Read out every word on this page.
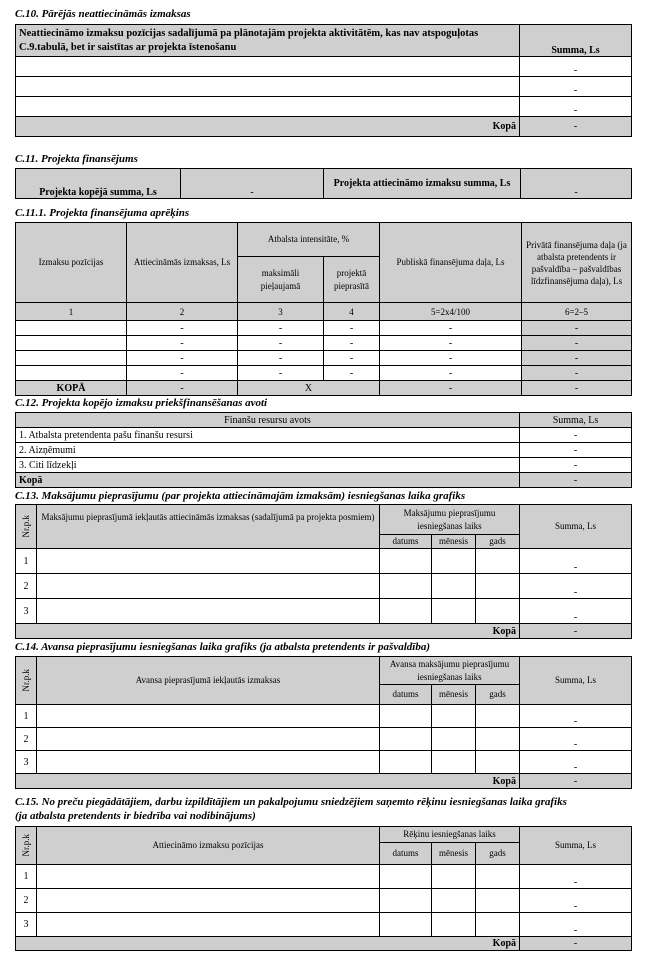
C.10. Pārējās neattiecināmās izmaksas
Neattiecināmo izmaksu pozīcijas sadalījumā pa plānotajām projekta aktivitātēm, kas nav atspoguļotas C.9.tabulā, bet ir saistītas ar projekta īstenošanu	Summa, Ls
	-
	-
	-
Kopā	-
C.11. Projekta finansējums
Projekta kopējā summa, Ls	-	Projekta attiecināmo izmaksu summa, Ls	-
C.11.1. Projekta finansējuma aprēķins
Izmaksu pozīcijas	Attiecināmās izmaksas, Ls	Atbalsta intensitāte, %		Publiskā finansējuma daļa, Ls	Privātā finansējuma daļa (ja atbalsta pretendents ir pašvaldība – pašvaldības līdzfinansējuma daļa), Ls
		maksimāli pieļaujamā	projektā pieprasītā		
1	2	3	4	5=2x4/100	6=2–5
	-	-	-	-	-
	-	-	-	-	-
	-	-	-	-	-
	-	-	-	-	-
KOPĀ	-	X		-	-
C.12. Projekta kopējo izmaksu priekšfinansēšanas avoti
Finanšu resursu avots	Summa, Ls
1. Atbalsta pretendenta pašu finanšu resursi	-
2. Aizņēmumi	-
3. Citi līdzekļi	-
Kopā	-
C.13. Maksājumu pieprasījumu (par projekta attiecināmajām izmaksām) iesniegšanas laika grafiks
Nr.p.k	Maksājumu pieprasījumā iekļautās attiecināmās izmaksas (sadalījumā pa projekta posmiem)	Maksājumu pieprasījumu iesniegšanas laiks			Summa, Ls
		datums	mēnesis	gads	
1					-
2					-
3					-
Kopā					-
C.14. Avansa pieprasījumu iesniegšanas laika grafiks (ja atbalsta pretendents ir pašvaldība)
Nr.p.k	Avansa pieprasījumā iekļautās izmaksas	Avansa maksājumu pieprasījumu iesniegšanas laiks			Summa, Ls
		datums	mēnesis	gads	
1					-
2					-
3					-
Kopā					-
C.15. No preču piegādātājiem, darbu izpildītājiem un pakalpojumu sniedzējiem saņemto rēķinu iesniegšanas laika grafiks
(ja atbalsta pretendents ir biedrība vai nodibinājums)
Nr.p.k	Attiecināmo izmaksu pozīcijas	Rēķinu iesniegšanas laiks			Summa, Ls
		datums	mēnesis	gads	
1					-
2					-
3					-
Kopā					-
